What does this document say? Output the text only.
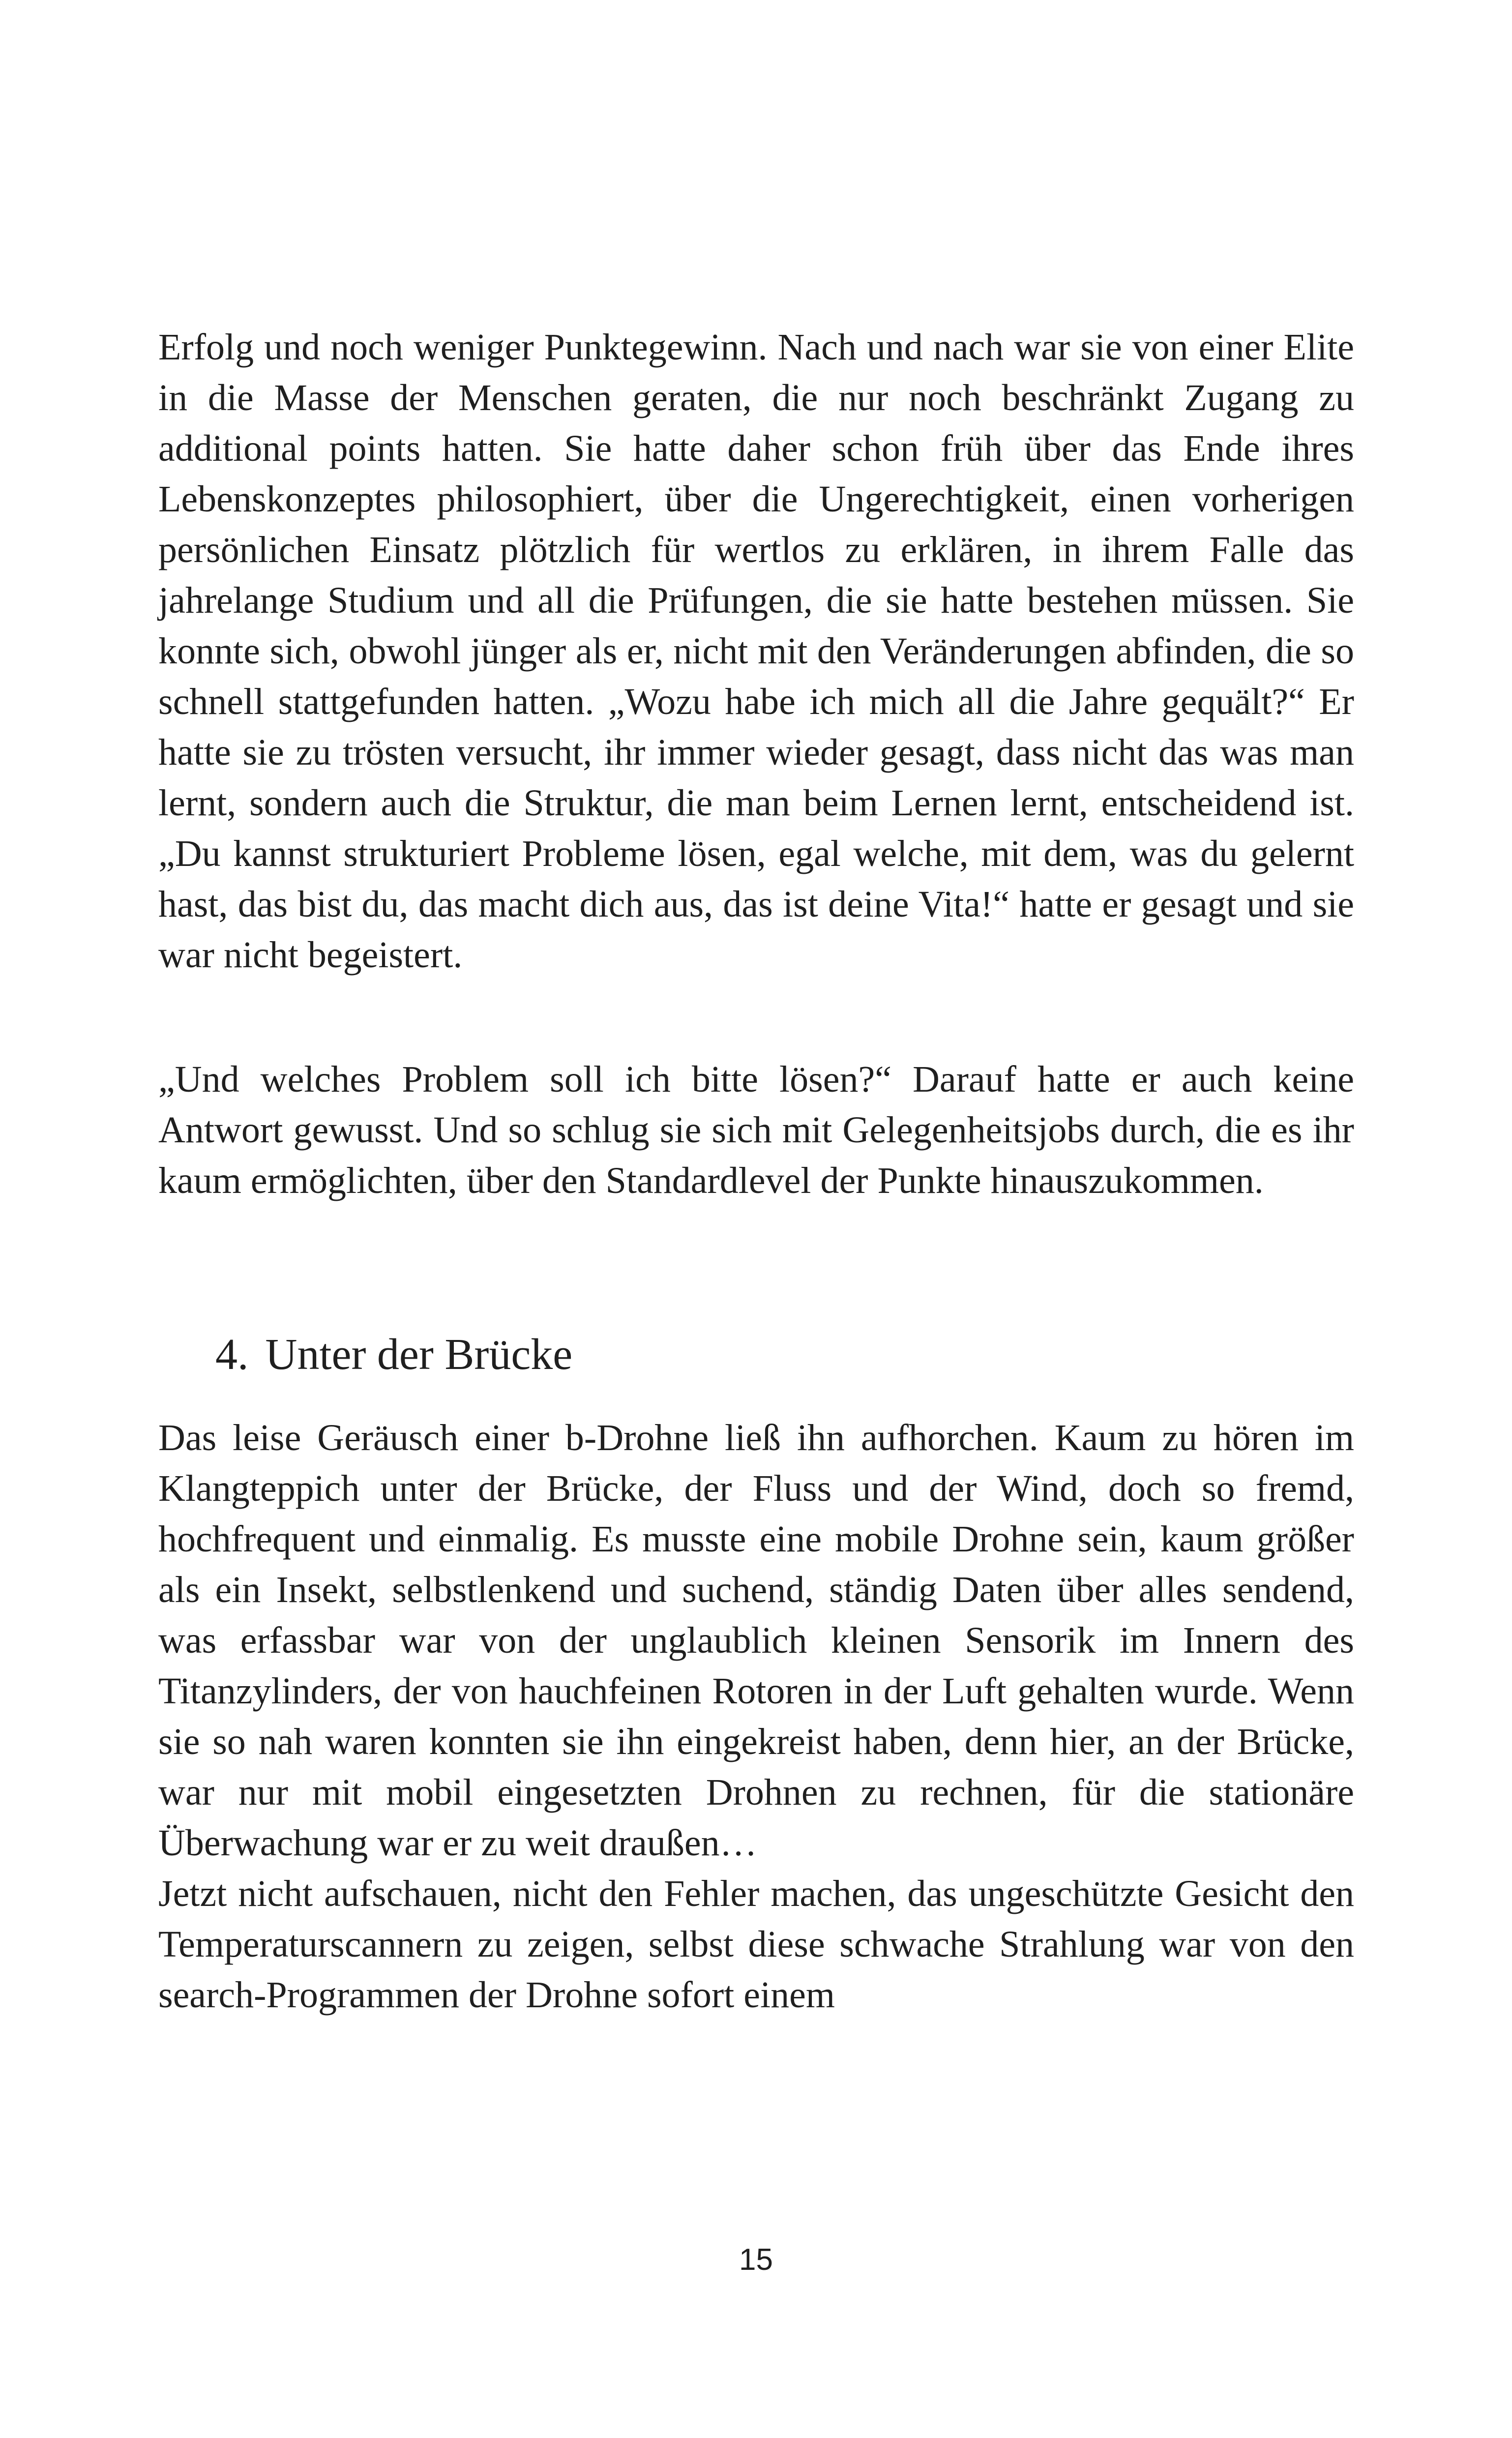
Erfolg und noch weniger Punktegewinn. Nach und nach war sie von einer Elite in die Masse der Menschen geraten, die nur noch beschränkt Zugang zu additional points hatten. Sie hatte daher schon früh über das Ende ihres Lebenskonzeptes philosophiert, über die Ungerechtigkeit, einen vorherigen persönlichen Einsatz plötzlich für wertlos zu erklären, in ihrem Falle das jahrelange Studium und all die Prüfungen, die sie hatte bestehen müssen. Sie konnte sich, obwohl jünger als er, nicht mit den Veränderungen abfinden, die so schnell stattgefunden hatten. „Wozu habe ich mich all die Jahre gequält?“ Er hatte sie zu trösten versucht, ihr immer wieder gesagt, dass nicht das was man lernt, sondern auch die Struktur, die man beim Lernen lernt, entscheidend ist. „Du kannst strukturiert Probleme lösen, egal welche, mit dem, was du gelernt hast, das bist du, das macht dich aus, das ist deine Vita!“ hatte er gesagt und sie war nicht begeistert.

„Und welches Problem soll ich bitte lösen?“ Darauf hatte er auch keine Antwort gewusst. Und so schlug sie sich mit Gelegenheitsjobs durch, die es ihr kaum ermöglichten, über den Standardlevel der Punkte hinauszukommen.

4. Unter der Brücke

Das leise Geräusch einer b-Drohne ließ ihn aufhorchen. Kaum zu hören im Klangteppich unter der Brücke, der Fluss und der Wind, doch so fremd, hochfrequent und einmalig. Es musste eine mobile Drohne sein, kaum größer als ein Insekt, selbstlenkend und suchend, ständig Daten über alles sendend, was erfassbar war von der unglaublich kleinen Sensorik im Innern des Titanzylinders, der von hauchfeinen Rotoren in der Luft gehalten wurde. Wenn sie so nah waren konnten sie ihn eingekreist haben, denn hier, an der Brücke, war nur mit mobil eingesetzten Drohnen zu rechnen, für die stationäre Überwachung war er zu weit draußen…

Jetzt nicht aufschauen, nicht den Fehler machen, das ungeschützte Gesicht den Temperaturscannern zu zeigen, selbst diese schwache Strahlung war von den search-Programmen der Drohne sofort einem

15
